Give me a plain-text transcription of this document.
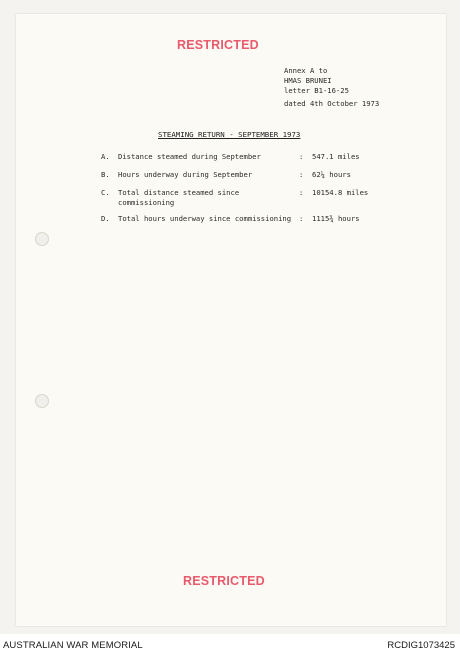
RESTRICTED
Annex A to
HMAS BRUNEI
letter B1-16-25
dated 4th October 1973
STEAMING RETURN - SEPTEMBER 1973
A. Distance steamed during September	: 547.1 miles
B. Hours underway during September	: 62¼ hours
C. Total distance steamed since commissioning
: 10154.8 miles
D. Total hours underway since commissioning : 1115¾ hours
RESTRICTED
AUSTRALIAN WAR MEMORIAL	RCDIG1073425
